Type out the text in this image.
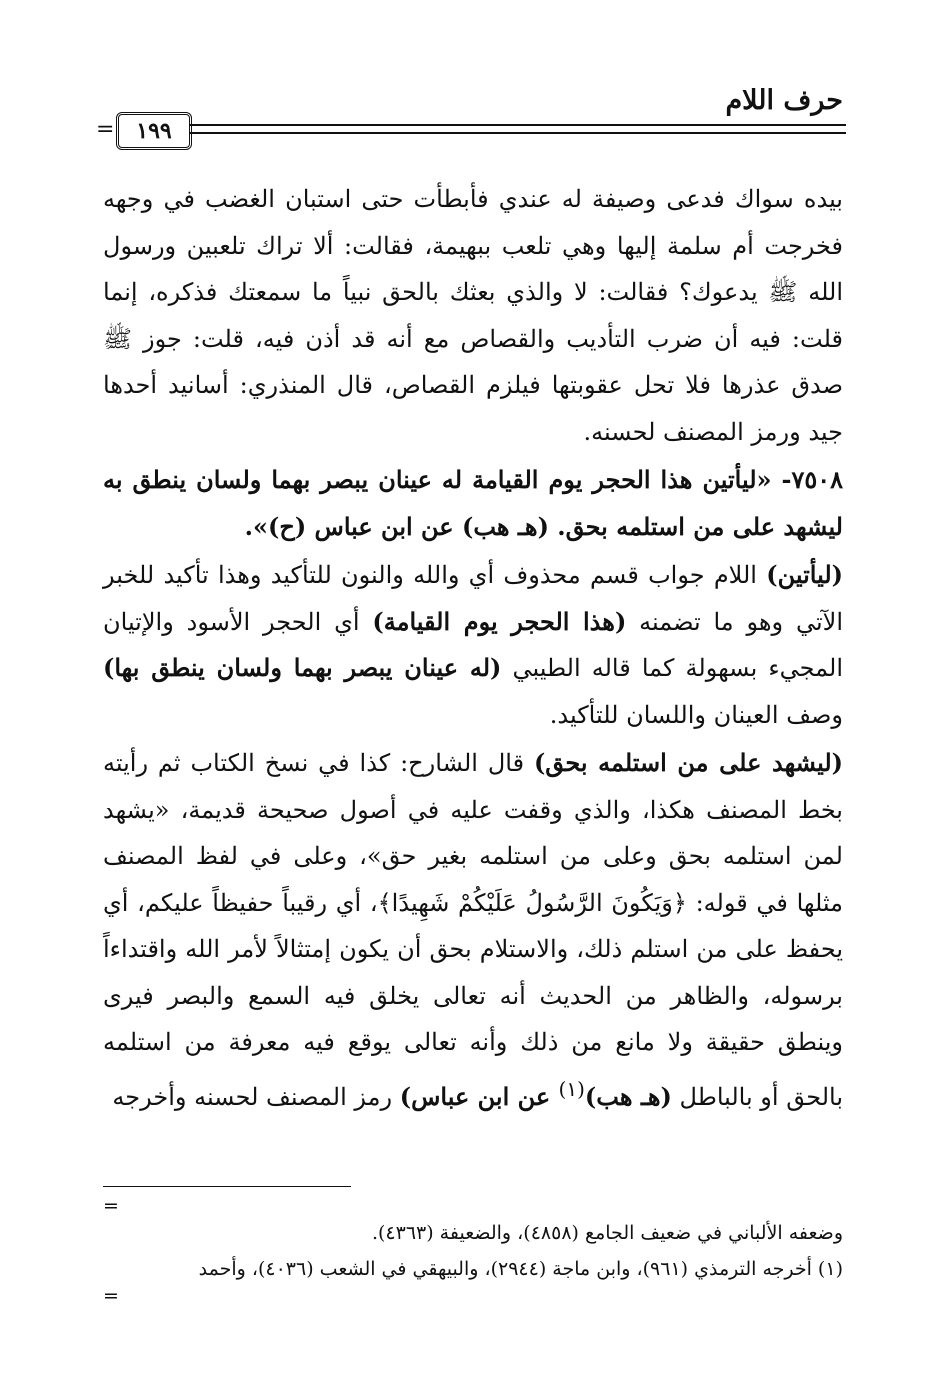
حرف اللام
= ١٩٩

بيده سواك فدعى وصيفة له عندي فأبطأت حتى استبان الغضب في وجهه فخرجت أم سلمة إليها وهي تلعب ببهيمة، فقالت: ألا تراك تلعبين ورسول الله ﷺ يدعوك؟ فقالت: لا والذي بعثك بالحق نبياً ما سمعتك فذكره، إنما قلت: فيه أن ضرب التأديب والقصاص مع أنه قد أذن فيه، قلت: جوز ﷺ صدق عذرها فلا تحل عقوبتها فيلزم القصاص، قال المنذري: أسانيد أحدها جيد ورمز المصنف لحسنه.

٧٥٠٨- «ليأتين هذا الحجر يوم القيامة له عينان يبصر بهما ولسان ينطق به ليشهد على من استلمه بحق. (هـ هب) عن ابن عباس (ح)».

(ليأتين) اللام جواب قسم محذوف أي والله والنون للتأكيد وهذا تأكيد للخبر الآتي وهو ما تضمنه (هذا الحجر يوم القيامة) أي الحجر الأسود والإتيان المجيء بسهولة كما قاله الطيبي (له عينان يبصر بهما ولسان ينطق بها) وصف العينان واللسان للتأكيد.

(ليشهد على من استلمه بحق) قال الشارح: كذا في نسخ الكتاب ثم رأيته بخط المصنف هكذا، والذي وقفت عليه في أصول صحيحة قديمة، «يشهد لمن استلمه بحق وعلى من استلمه بغير حق»، وعلى في لفظ المصنف مثلها في قوله: ﴿وَيَكُونَ الرَّسُولُ عَلَيْكُمْ شَهِيدًا﴾، أي رقيباً حفيظاً عليكم، أي يحفظ على من استلم ذلك، والاستلام بحق أن يكون إمتثالاً لأمر الله واقتداءاً برسوله، والظاهر من الحديث أنه تعالى يخلق فيه السمع والبصر فيرى وينطق حقيقة ولا مانع من ذلك وأنه تعالى يوقع فيه معرفة من استلمه بالحق أو بالباطل (هـ هب)$^{(١)}$ عن ابن عباس) رمز المصنف لحسنه وأخرجه

=
وضعفه الألباني في ضعيف الجامع (٤٨٥٨)، والضعيفة (٤٣٦٣).
(١) أخرجه الترمذي (٩٦١)، وابن ماجة (٢٩٤٤)، والبيهقي في الشعب (٤٠٣٦)، وأحمد
=
